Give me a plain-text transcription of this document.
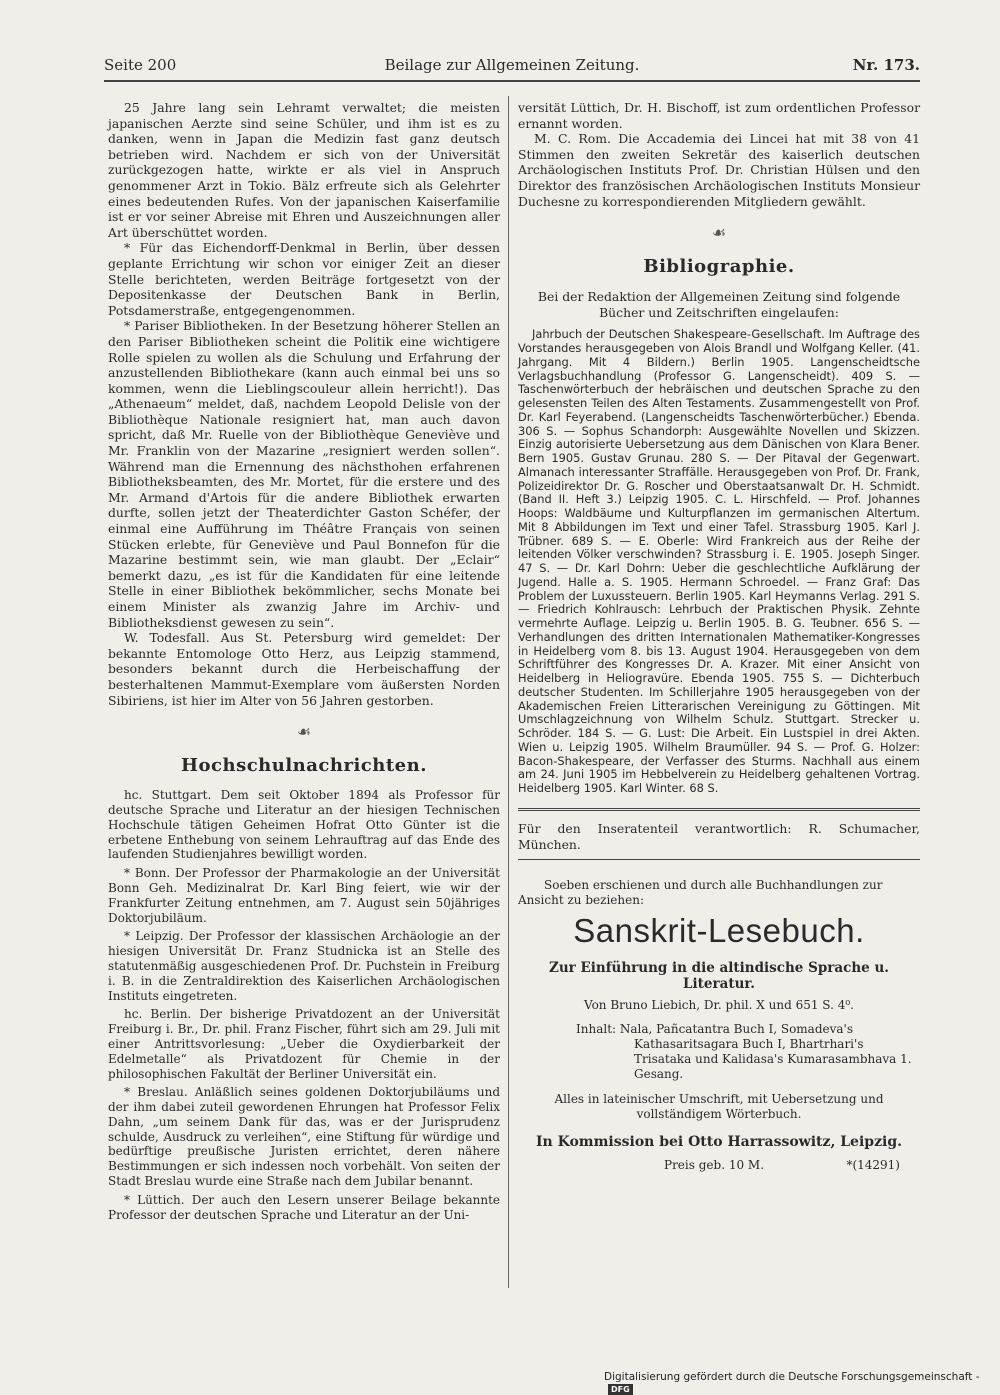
Seite 200	Beilage zur Allgemeinen Zeitung.	Nr. 173.

25 Jahre lang sein Lehramt verwaltet; die meisten japanischen Aerzte sind seine Schüler, und ihm ist es zu danken, wenn in Japan die Medizin fast ganz deutsch betrieben wird. Nachdem er sich von der Universität zurückgezogen hatte, wirkte er als viel in Anspruch genommener Arzt in Tokio. Bälz erfreute sich als Gelehrter eines bedeutenden Rufes. Von der japanischen Kaiserfamilie ist er vor seiner Abreise mit Ehren und Auszeichnungen aller Art überschüttet worden.

* Für das Eichendorff-Denkmal in Berlin, über dessen geplante Errichtung wir schon vor einiger Zeit an dieser Stelle berichteten, werden Beiträge fortgesetzt von der Depositenkasse der Deutschen Bank in Berlin, Potsdamerstraße, entgegengenommen.

* Pariser Bibliotheken. In der Besetzung höherer Stellen an den Pariser Bibliotheken scheint die Politik eine wichtigere Rolle spielen zu wollen als die Schulung und Erfahrung der anzustellenden Bibliothekare (kann auch einmal bei uns so kommen, wenn die Lieblingscouleur allein herricht!). Das „Athenaeum“ meldet, daß, nachdem Leopold Delisle von der Bibliothèque Nationale resigniert hat, man auch davon spricht, daß Mr. Ruelle von der Bibliothèque Geneviève und Mr. Franklin von der Mazarine „resigniert werden sollen“. Während man die Ernennung des nächsthohen erfahrenen Bibliotheksbeamten, des Mr. Mortet, für die erstere und des Mr. Armand d'Artois für die andere Bibliothek erwarten durfte, sollen jetzt der Theaterdichter Gaston Schéfer, der einmal eine Aufführung im Théâtre Français von seinen Stücken erlebte, für Geneviève und Paul Bonnefon für die Mazarine bestimmt sein, wie man glaubt. Der „Eclair“ bemerkt dazu, „es ist für die Kandidaten für eine leitende Stelle in einer Bibliothek bekömmlicher, sechs Monate bei einem Minister als zwanzig Jahre im Archiv- und Bibliotheksdienst gewesen zu sein“.

W. Todesfall. Aus St. Petersburg wird gemeldet: Der bekannte Entomologe Otto Herz, aus Leipzig stammend, besonders bekannt durch die Herbeischaffung der besterhaltenen Mammut-Exemplare vom äußersten Norden Sibiriens, ist hier im Alter von 56 Jahren gestorben.

☙
Hochschulnachrichten.

hc. Stuttgart. Dem seit Oktober 1894 als Professor für deutsche Sprache und Literatur an der hiesigen Technischen Hochschule tätigen Geheimen Hofrat Otto Günter ist die erbetene Enthebung von seinem Lehrauftrag auf das Ende des laufenden Studienjahres bewilligt worden.

* Bonn. Der Professor der Pharmakologie an der Universität Bonn Geh. Medizinalrat Dr. Karl Bing feiert, wie wir der Frankfurter Zeitung entnehmen, am 7. August sein 50jähriges Doktorjubiläum.

* Leipzig. Der Professor der klassischen Archäologie an der hiesigen Universität Dr. Franz Studnicka ist an Stelle des statutenmäßig ausgeschiedenen Prof. Dr. Puchstein in Freiburg i. B. in die Zentraldirektion des Kaiserlichen Archäologischen Instituts eingetreten.

hc. Berlin. Der bisherige Privatdozent an der Universität Freiburg i. Br., Dr. phil. Franz Fischer, führt sich am 29. Juli mit einer Antrittsvorlesung: „Ueber die Oxydierbarkeit der Edelmetalle“ als Privatdozent für Chemie in der philosophischen Fakultät der Berliner Universität ein.

* Breslau. Anläßlich seines goldenen Doktorjubiläums und der ihm dabei zuteil gewordenen Ehrungen hat Professor Felix Dahn, „um seinem Dank für das, was er der Jurisprudenz schulde, Ausdruck zu verleihen“, eine Stiftung für würdige und bedürftige preußische Juristen errichtet, deren nähere Bestimmungen er sich indessen noch vorbehält. Von seiten der Stadt Breslau wurde eine Straße nach dem Jubilar benannt.

* Lüttich. Der auch den Lesern unserer Beilage bekannte Professor der deutschen Sprache und Literatur an der Uni-

versität Lüttich, Dr. H. Bischoff, ist zum ordentlichen Professor ernannt worden.

M. C. Rom. Die Accademia dei Lincei hat mit 38 von 41 Stimmen den zweiten Sekretär des kaiserlich deutschen Archäologischen Instituts Prof. Dr. Christian Hülsen und den Direktor des französischen Archäologischen Instituts Monsieur Duchesne zu korrespondierenden Mitgliedern gewählt.

☙
Bibliographie.
Bei der Redaktion der Allgemeinen Zeitung sind folgende Bücher und Zeitschriften eingelaufen:

Jahrbuch der Deutschen Shakespeare-Gesellschaft. Im Auftrage des Vorstandes herausgegeben von Alois Brandl und Wolfgang Keller. (41. Jahrgang. Mit 4 Bildern.) Berlin 1905. Langenscheidtsche Verlagsbuchhandlung (Professor G. Langenscheidt). 409 S. — Taschenwörterbuch der hebräischen und deutschen Sprache zu den gelesensten Teilen des Alten Testaments. Zusammengestellt von Prof. Dr. Karl Feyerabend. (Langenscheidts Taschenwörterbücher.) Ebenda. 306 S. — Sophus Schandorph: Ausgewählte Novellen und Skizzen. Einzig autorisierte Uebersetzung aus dem Dänischen von Klara Bener. Bern 1905. Gustav Grunau. 280 S. — Der Pitaval der Gegenwart. Almanach interessanter Straffälle. Herausgegeben von Prof. Dr. Frank, Polizeidirektor Dr. G. Roscher und Oberstaatsanwalt Dr. H. Schmidt. (Band II. Heft 3.) Leipzig 1905. C. L. Hirschfeld. — Prof. Johannes Hoops: Waldbäume und Kulturpflanzen im germanischen Altertum. Mit 8 Abbildungen im Text und einer Tafel. Strassburg 1905. Karl J. Trübner. 689 S. — E. Oberle: Wird Frankreich aus der Reihe der leitenden Völker verschwinden? Strassburg i. E. 1905. Joseph Singer. 47 S. — Dr. Karl Dohrn: Ueber die geschlechtliche Aufklärung der Jugend. Halle a. S. 1905. Hermann Schroedel. — Franz Graf: Das Problem der Luxussteuern. Berlin 1905. Karl Heymanns Verlag. 291 S. — Friedrich Kohlrausch: Lehrbuch der Praktischen Physik. Zehnte vermehrte Auflage. Leipzig u. Berlin 1905. B. G. Teubner. 656 S. — Verhandlungen des dritten Internationalen Mathematiker-Kongresses in Heidelberg vom 8. bis 13. August 1904. Herausgegeben von dem Schriftführer des Kongresses Dr. A. Krazer. Mit einer Ansicht von Heidelberg in Heliogravüre. Ebenda 1905. 755 S. — Dichterbuch deutscher Studenten. Im Schillerjahre 1905 herausgegeben von der Akademischen Freien Litterarischen Vereinigung zu Göttingen. Mit Umschlagzeichnung von Wilhelm Schulz. Stuttgart. Strecker u. Schröder. 184 S. — G. Lust: Die Arbeit. Ein Lustspiel in drei Akten. Wien u. Leipzig 1905. Wilhelm Braumüller. 94 S. — Prof. G. Holzer: Bacon-Shakespeare, der Verfasser des Sturms. Nachhall aus einem am 24. Juni 1905 im Hebbelverein zu Heidelberg gehaltenen Vortrag. Heidelberg 1905. Karl Winter. 68 S.

Für den Inseratenteil verantwortlich: R. Schumacher, München.

Soeben erschienen und durch alle Buchhandlungen zur Ansicht zu beziehen:

Sanskrit-Lesebuch.
Zur Einführung in die altindische Sprache u. Literatur.
Von Bruno Liebich, Dr. phil. X und 651 S. 4⁰.
Inhalt: Nala, Pañcatantra Buch I, Somadeva's Kathasaritsagara Buch I, Bhartrhari's Trisataka und Kalidasa's Kumarasambhava 1. Gesang.
Alles in lateinischer Umschrift, mit Uebersetzung und vollständigem Wörterbuch.
In Kommission bei Otto Harrassowitz, Leipzig.
Preis geb. 10 M.	*(14291)
Digitalisierung gefördert durch die Deutsche Forschungsgemeinschaft -DFG
